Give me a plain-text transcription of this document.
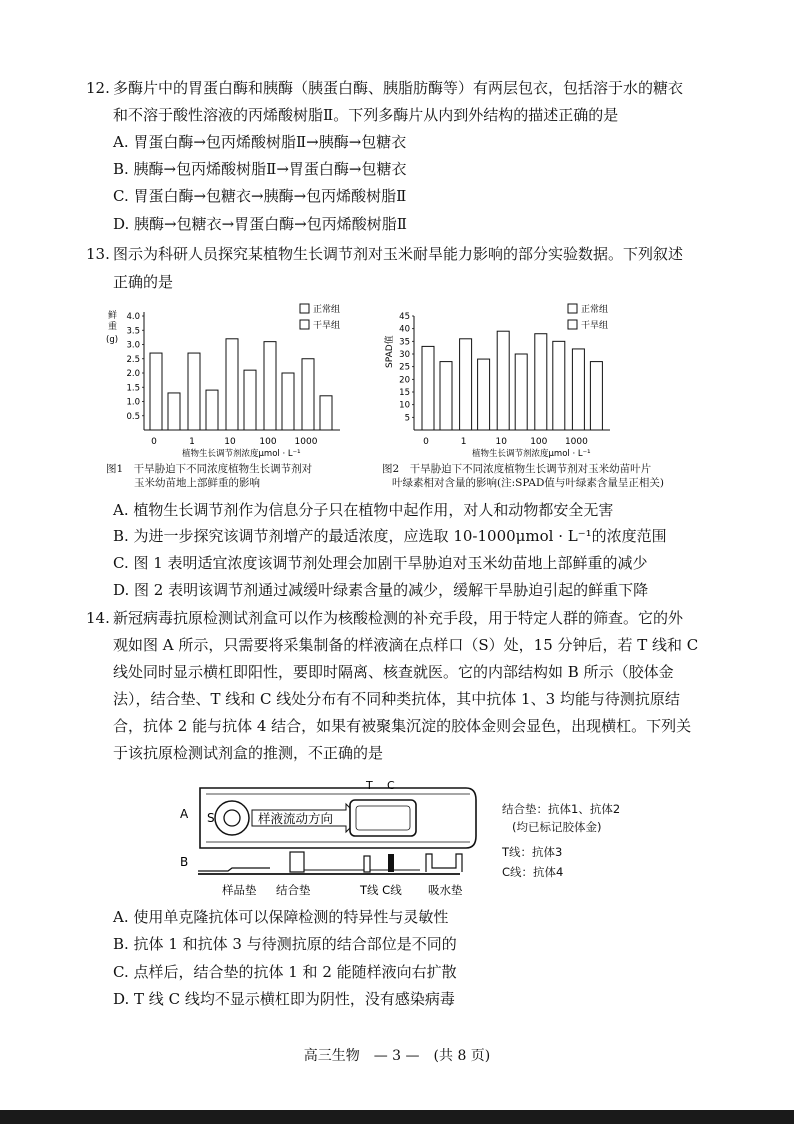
12. 多酶片中的胃蛋白酶和胰酶（胰蛋白酶、胰脂肪酶等）有两层包衣，包括溶于水的糖衣
和不溶于酸性溶液的丙烯酸树脂Ⅱ。下列多酶片从内到外结构的描述正确的是
A. 胃蛋白酶→包丙烯酸树脂Ⅱ→胰酶→包糖衣
B. 胰酶→包丙烯酸树脂Ⅱ→胃蛋白酶→包糖衣
C. 胃蛋白酶→包糖衣→胰酶→包丙烯酸树脂Ⅱ
D. 胰酶→包糖衣→胃蛋白酶→包丙烯酸树脂Ⅱ
13. 图示为科研人员探究某植物生长调节剂对玉米耐旱能力影响的部分实验数据。下列叙述
正确的是
鲜
重
(g)
4.0
3.5
3.0
2.5
2.0
1.5
1.0
0.5
0	1	10	100 1000
植物生长调节剂浓度μmol · L⁻¹
正常组
干旱组
图1　干旱胁迫下不同浓度植物生长调节剂对
玉米幼苗地上部鲜重的影响
SPAD值
45
40
35
30
25
20
15
10
5
0	1	10	100 1000
植物生长调节剂浓度μmol · L⁻¹
正常组
干旱组
图2　干旱胁迫下不同浓度植物生长调节剂对玉米幼苗叶片
叶绿素相对含量的影响(注:SPAD值与叶绿素含量呈正相关)
A. 植物生长调节剂作为信息分子只在植物中起作用，对人和动物都安全无害
B. 为进一步探究该调节剂增产的最适浓度，应选取 10-1000μmol · L⁻¹的浓度范围
C. 图 1 表明适宜浓度该调节剂处理会加剧干旱胁迫对玉米幼苗地上部鲜重的减少
D. 图 2 表明该调节剂通过减缓叶绿素含量的减少，缓解干旱胁迫引起的鲜重下降
14. 新冠病毒抗原检测试剂盒可以作为核酸检测的补充手段，用于特定人群的筛查。它的外
观如图 A 所示，只需要将采集制备的样液滴在点样口（S）处，15 分钟后，若 T 线和 C
线处同时显示横杠即阳性，要即时隔离、核查就医。它的内部结构如 B 所示（胶体金
法），结合垫、T 线和 C 线处分布有不同种类抗体，其中抗体 1、3 均能与待测抗原结
合，抗体 2 能与抗体 4 结合，如果有被聚集沉淀的胶体金则会显色，出现横杠。下列关
于该抗原检测试剂盒的推测，不正确的是
A S	样液流动方向
T C
B
样品垫 结合垫	T线 C线 吸水垫
结合垫：抗体1、抗体2
(均已标记胶体金)
T线：抗体3
C线：抗体4
A. 使用单克隆抗体可以保障检测的特异性与灵敏性
B. 抗体 1 和抗体 3 与待测抗原的结合部位是不同的
C. 点样后，结合垫的抗体 1 和 2 能随样液向右扩散
D. T 线 C 线均不显示横杠即为阴性，没有感染病毒
高三生物　— 3 —　(共 8 页)
